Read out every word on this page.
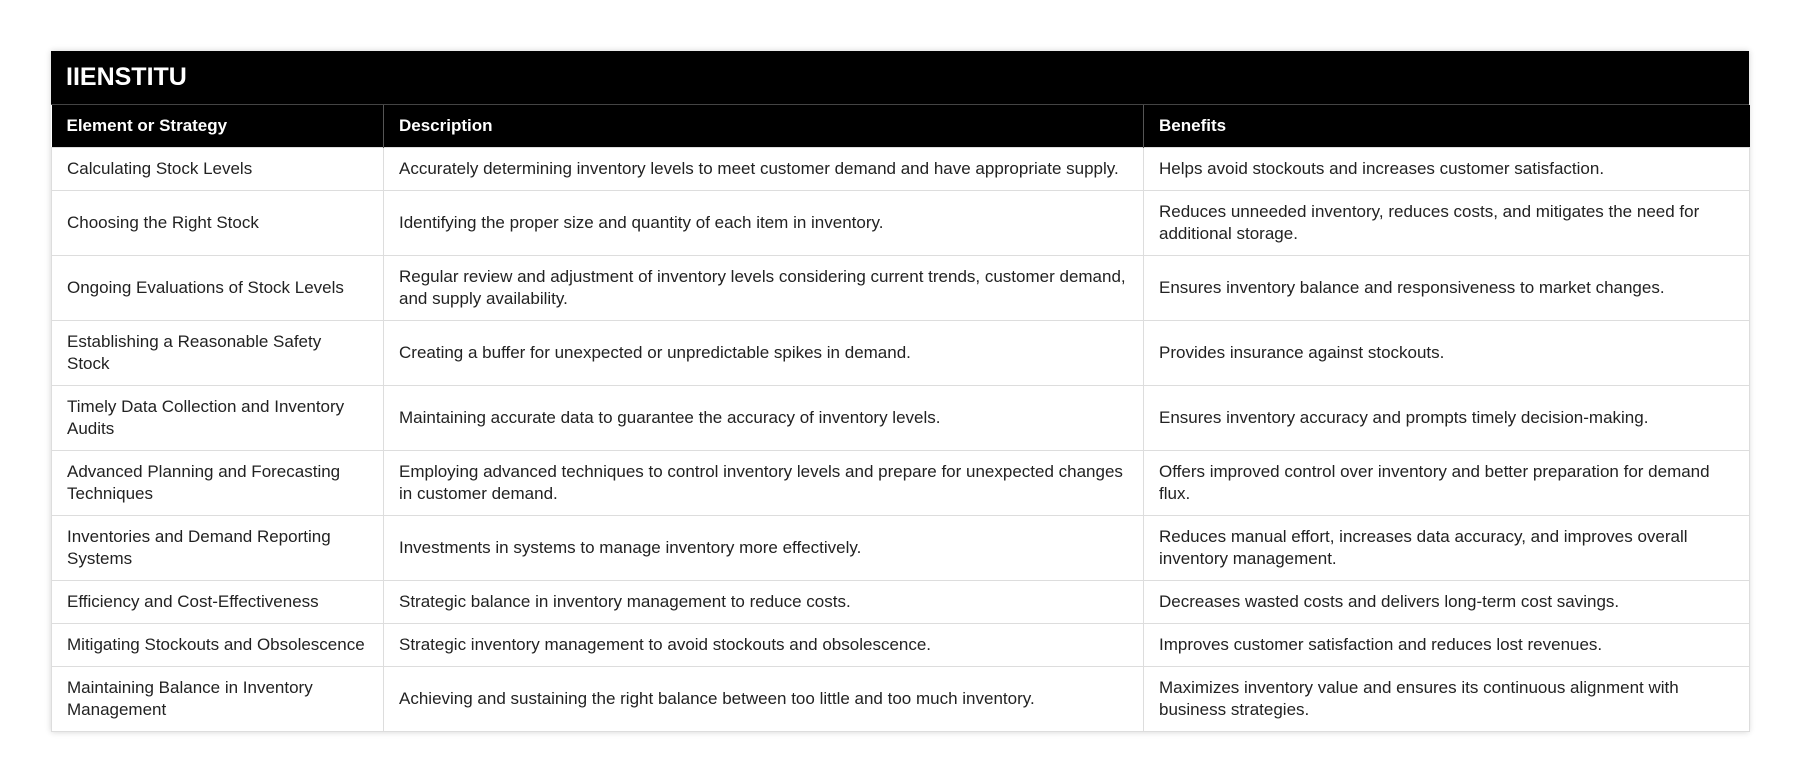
IIENSTITU
Element or Strategy	Description	Benefits
Calculating Stock Levels	Accurately determining inventory levels to meet customer demand and have appropriate supply.	Helps avoid stockouts and increases customer satisfaction.
Choosing the Right Stock	Identifying the proper size and quantity of each item in inventory.	Reduces unneeded inventory, reduces costs, and mitigates the need for additional storage.
Ongoing Evaluations of Stock Levels	Regular review and adjustment of inventory levels considering current trends, customer demand, and supply availability.	Ensures inventory balance and responsiveness to market changes.
Establishing a Reasonable Safety Stock	Creating a buffer for unexpected or unpredictable spikes in demand.	Provides insurance against stockouts.
Timely Data Collection and Inventory Audits	Maintaining accurate data to guarantee the accuracy of inventory levels.	Ensures inventory accuracy and prompts timely decision-making.
Advanced Planning and Forecasting Techniques	Employing advanced techniques to control inventory levels and prepare for unexpected changes in customer demand.	Offers improved control over inventory and better preparation for demand flux.
Inventories and Demand Reporting Systems	Investments in systems to manage inventory more effectively.	Reduces manual effort, increases data accuracy, and improves overall inventory management.
Efficiency and Cost-Effectiveness	Strategic balance in inventory management to reduce costs.	Decreases wasted costs and delivers long-term cost savings.
Mitigating Stockouts and Obsolescence	Strategic inventory management to avoid stockouts and obsolescence.	Improves customer satisfaction and reduces lost revenues.
Maintaining Balance in Inventory Management	Achieving and sustaining the right balance between too little and too much inventory.	Maximizes inventory value and ensures its continuous alignment with business strategies.
